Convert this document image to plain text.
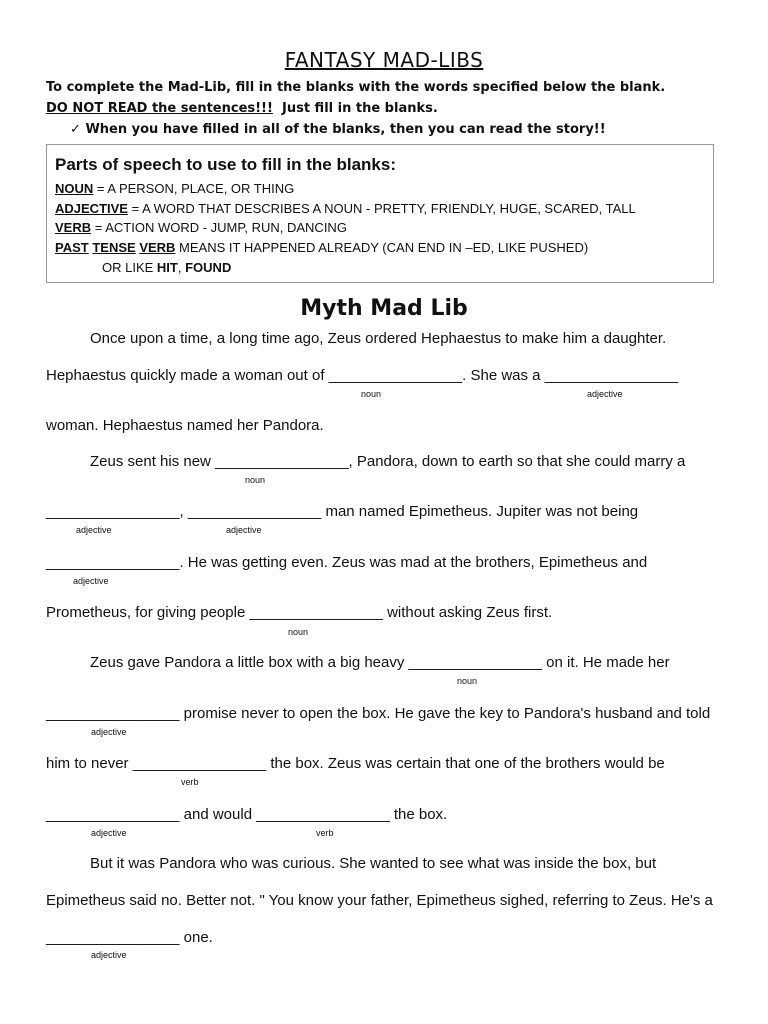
FANTASY MAD-LIBS
To complete the Mad-Lib, fill in the blanks with the words specified below the blank.
DO NOT READ the sentences!!! Just fill in the blanks.
✓ When you have filled in all of the blanks, then you can read the story!!
Parts of speech to use to fill in the blanks:
NOUN = A PERSON, PLACE, OR THING
ADJECTIVE = A WORD THAT DESCRIBES A NOUN - PRETTY, FRIENDLY, HUGE, SCARED, TALL
VERB = ACTION WORD - JUMP, RUN, DANCING
PAST TENSE VERB MEANS IT HAPPENED ALREADY (CAN END IN –ED, LIKE PUSHED)
OR LIKE HIT, FOUND
Myth Mad Lib
Once upon a time, a long time ago, Zeus ordered Hephaestus to make him a daughter.
Hephaestus quickly made a woman out of ________________. She was a ________________
noun	adjective
woman. Hephaestus named her Pandora.
Zeus sent his new ________________, Pandora, down to earth so that she could marry a
noun
________________, ________________ man named Epimetheus. Jupiter was not being
adjective	adjective
________________. He was getting even. Zeus was mad at the brothers, Epimetheus and
adjective
Prometheus, for giving people ________________ without asking Zeus first.
noun
Zeus gave Pandora a little box with a big heavy ________________ on it. He made her
noun
________________ promise never to open the box. He gave the key to Pandora's husband and told
adjective
him to never ________________ the box. Zeus was certain that one of the brothers would be
verb
________________ and would ________________ the box.
adjective	verb
But it was Pandora who was curious. She wanted to see what was inside the box, but
Epimetheus said no. Better not. " You know your father, Epimetheus sighed, referring to Zeus. He's a
________________ one.
adjective
